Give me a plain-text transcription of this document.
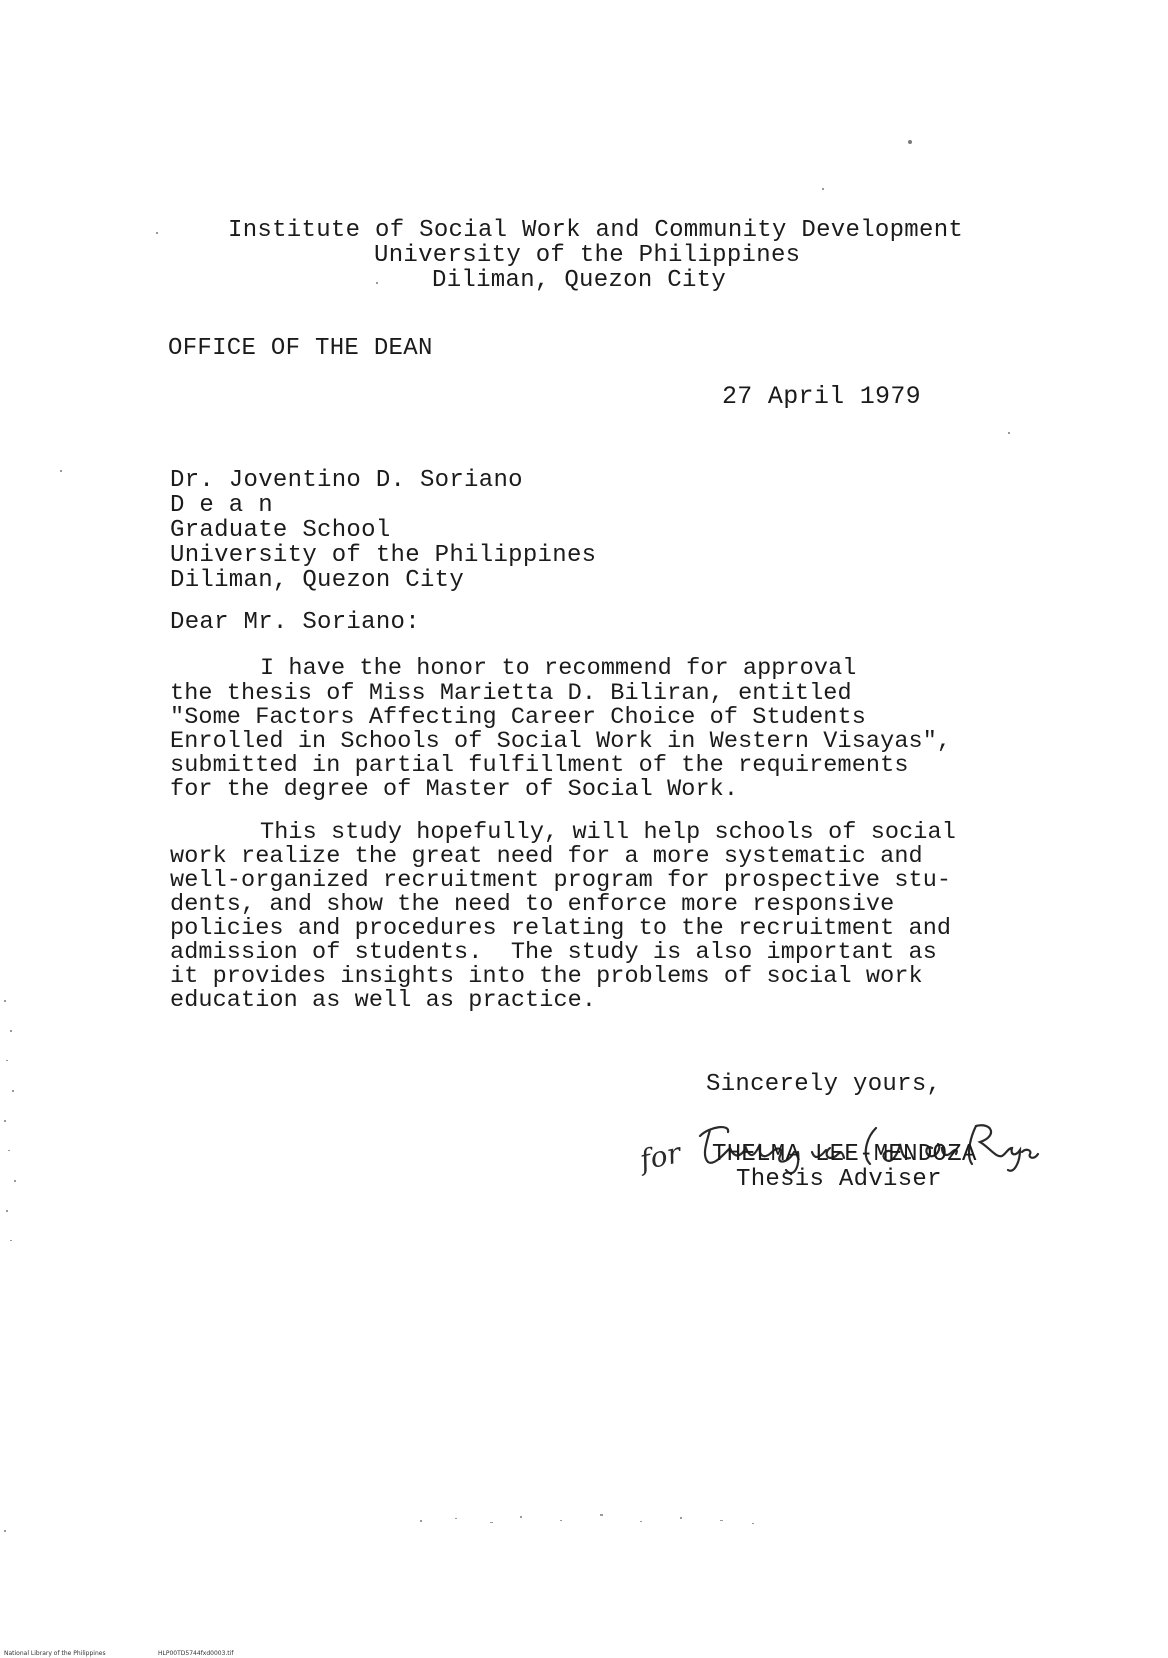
Institute of Social Work and Community Development
University of the Philippines
Diliman, Quezon City
OFFICE OF THE DEAN
27 April 1979
Dr. Joventino D. Soriano
D e a n
Graduate School
University of the Philippines
Diliman, Quezon City
Dear Mr. Soriano:
I have the honor to recommend for approval
the thesis of Miss Marietta D. Biliran, entitled
"Some Factors Affecting Career Choice of Students
Enrolled in Schools of Social Work in Western Visayas",
submitted in partial fulfillment of the requirements
for the degree of Master of Social Work.
This study hopefully, will help schools of social
work realize the great need for a more systematic and
well-organized recruitment program for prospective stu-
dents, and show the need to enforce more responsive
policies and procedures relating to the recruitment and
admission of students.  The study is also important as
it provides insights into the problems of social work
education as well as practice.
Sincerely yours,
for THELMA LEE-MENDOZA
Thesis Adviser
National Library of the Philippines	HLP00TD5744fxd0003.tif
